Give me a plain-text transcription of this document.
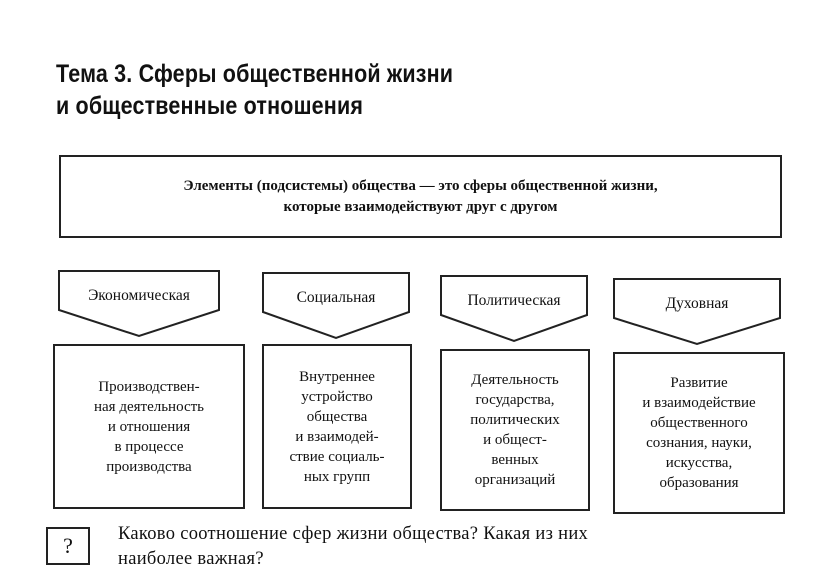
Тема 3. Сферы общественной жизни
и общественные отношения
Элементы (подсистемы) общества — это сферы общественной жизни,
которые взаимодействуют друг с другом
Экономическая
Производствен-
ная деятельность
и отношения
в процессе
производства
Социальная
Внутреннее
устройство
общества
и взаимодей-
ствие социаль-
ных групп
Политическая
Деятельность
государства,
политических
и общест-
венных
организаций
Духовная
Развитие
и взаимодействие
общественного
сознания, науки,
искусства,
образования
?	Каково соотношение сфер жизни общества? Какая из них
наиболее важная?
